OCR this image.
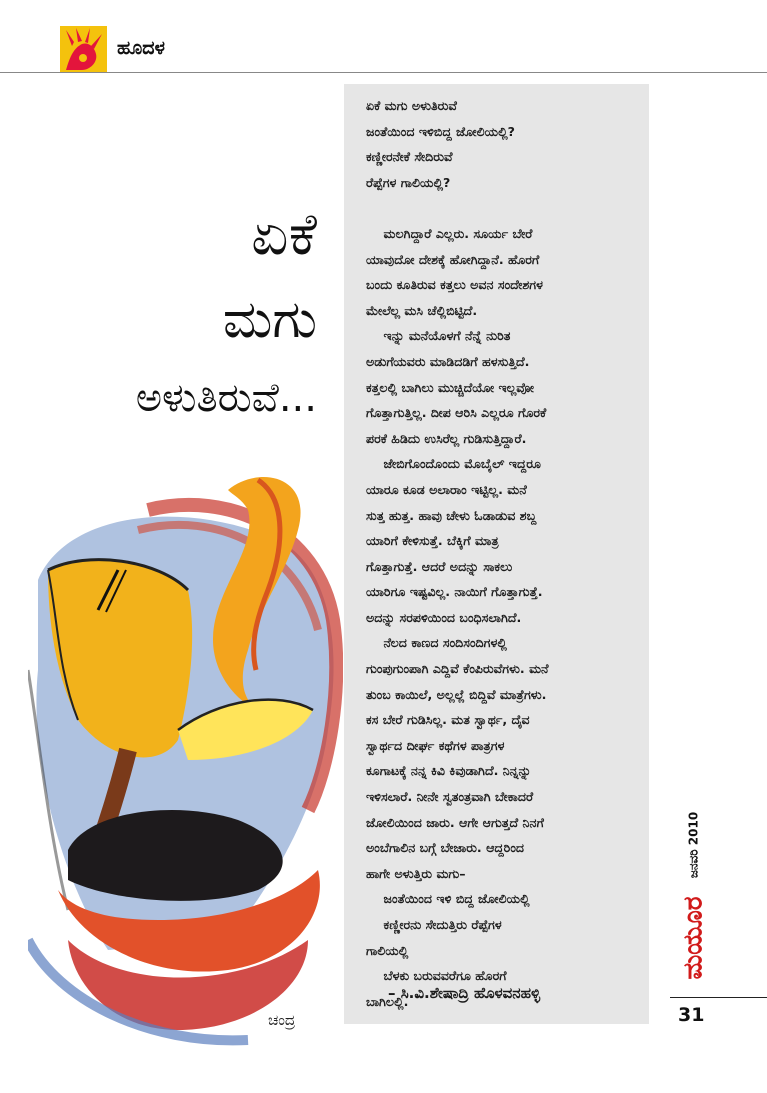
ಹೂದಳ
ಏಕೆ
ಮಗು
ಅಳುತಿರುವೆ...
ಚಂದ್ರ
ಏಕೆ ಮಗು ಅಳುತಿರುವೆ
ಜಂತೆಯಿಂದ ಇಳಿಬಿದ್ದ ಜೋಲಿಯಲ್ಲಿ?
ಕಣ್ಣೀರನೇಕೆ ಸೇದಿರುವೆ
ರೆಪ್ಪೆಗಳ ಗಾಲಿಯಲ್ಲಿ?
ಮಲಗಿದ್ದಾರೆ ಎಲ್ಲರು. ಸೂರ್ಯ ಬೇರೆ
ಯಾವುದೋ ದೇಶಕ್ಕೆ ಹೋಗಿದ್ದಾನೆ. ಹೊರಗೆ
ಬಂದು ಕೂತಿರುವ ಕತ್ತಲು ಅವನ ಸಂದೇಶಗಳ
ಮೇಲೆಲ್ಲ ಮಸಿ ಚೆಲ್ಲಿಬಿಟ್ಟಿದೆ.
ಇನ್ನು ಮನೆಯೊಳಗೆ ನೆನ್ನೆ ನುರಿತ
ಅಡುಗೆಯವರು ಮಾಡಿದಡಿಗೆ ಹಳಸುತ್ತಿದೆ.
ಕತ್ತಲಲ್ಲಿ ಬಾಗಿಲು ಮುಚ್ಚಿದೆಯೋ ಇಲ್ಲವೋ
ಗೊತ್ತಾಗುತ್ತಿಲ್ಲ. ದೀಪ ಆರಿಸಿ ಎಲ್ಲರೂ ಗೊರಕೆ
ಪರಕೆ ಹಿಡಿದು ಉಸಿರೆಲ್ಲ ಗುಡಿಸುತ್ತಿದ್ದಾರೆ.
ಜೇಬಿಗೊಂದೊಂದು ಮೊಬೈಲ್ ಇದ್ದರೂ
ಯಾರೂ ಕೂಡ ಅಲಾರಾಂ ಇಟ್ಟಿಲ್ಲ. ಮನೆ
ಸುತ್ತ ಹುತ್ತ. ಹಾವು ಚೇಳು ಓಡಾಡುವ ಶಬ್ದ
ಯಾರಿಗೆ ಕೇಳಿಸುತ್ತೆ. ಬೆಕ್ಕಿಗೆ ಮಾತ್ರ
ಗೊತ್ತಾಗುತ್ತೆ. ಆದರೆ ಅದನ್ನು ಸಾಕಲು
ಯಾರಿಗೂ ಇಷ್ಟವಿಲ್ಲ. ನಾಯಿಗೆ ಗೊತ್ತಾಗುತ್ತೆ.
ಅದನ್ನು ಸರಪಳಿಯಿಂದ ಬಂಧಿಸಲಾಗಿದೆ.
ನೆಲದ ಕಾಣದ ಸಂದಿಸಂದಿಗಳಲ್ಲಿ
ಗುಂಪುಗುಂಪಾಗಿ ಎದ್ದಿವೆ ಕೆಂಪಿರುವೆಗಳು. ಮನೆ
ತುಂಬ ಕಾಯಿಲೆ, ಅಲ್ಲಲ್ಲೆ ಬಿದ್ದಿವೆ ಮಾತ್ರೆಗಳು.
ಕಸ ಬೇರೆ ಗುಡಿಸಿಲ್ಲ. ಮತ ಸ್ವಾರ್ಥ, ದೈವ
ಸ್ವಾರ್ಥದ ದೀರ್ಘ ಕಥೆಗಳ ಪಾತ್ರಗಳ
ಕೂಗಾಟಕ್ಕೆ ನನ್ನ ಕಿವಿ ಕಿವುಡಾಗಿದೆ. ನಿನ್ನನ್ನು
ಇಳಿಸಲಾರೆ. ನೀನೇ ಸ್ವತಂತ್ರವಾಗಿ ಬೇಕಾದರೆ
ಜೋಲಿಯಿಂದ ಜಾರು. ಆಗೇ ಆಗುತ್ತದೆ ನಿನಗೆ
ಅಂಬೆಗಾಲಿನ ಬಗ್ಗೆ ಬೇಜಾರು. ಆದ್ದರಿಂದ
ಹಾಗೇ ಅಳುತ್ತಿರು ಮಗು–
ಜಂತೆಯಿಂದ ಇಳಿ ಬಿದ್ದ ಜೋಲಿಯಲ್ಲಿ
ಕಣ್ಣೀರನು ಸೇದುತ್ತಿರು ರೆಪ್ಪೆಗಳ
ಗಾಲಿಯಲ್ಲಿ
ಬೆಳಕು ಬರುವವರೆಗೂ ಹೊರಗೆ
ಬಾಗಿಲಲ್ಲಿ.
– ಸಿ.ವಿ.ಶೇಷಾದ್ರಿ ಹೊಳವನಹಳ್ಳಿ
ಜನವರಿ 2010
ಮಯೂರ
31
